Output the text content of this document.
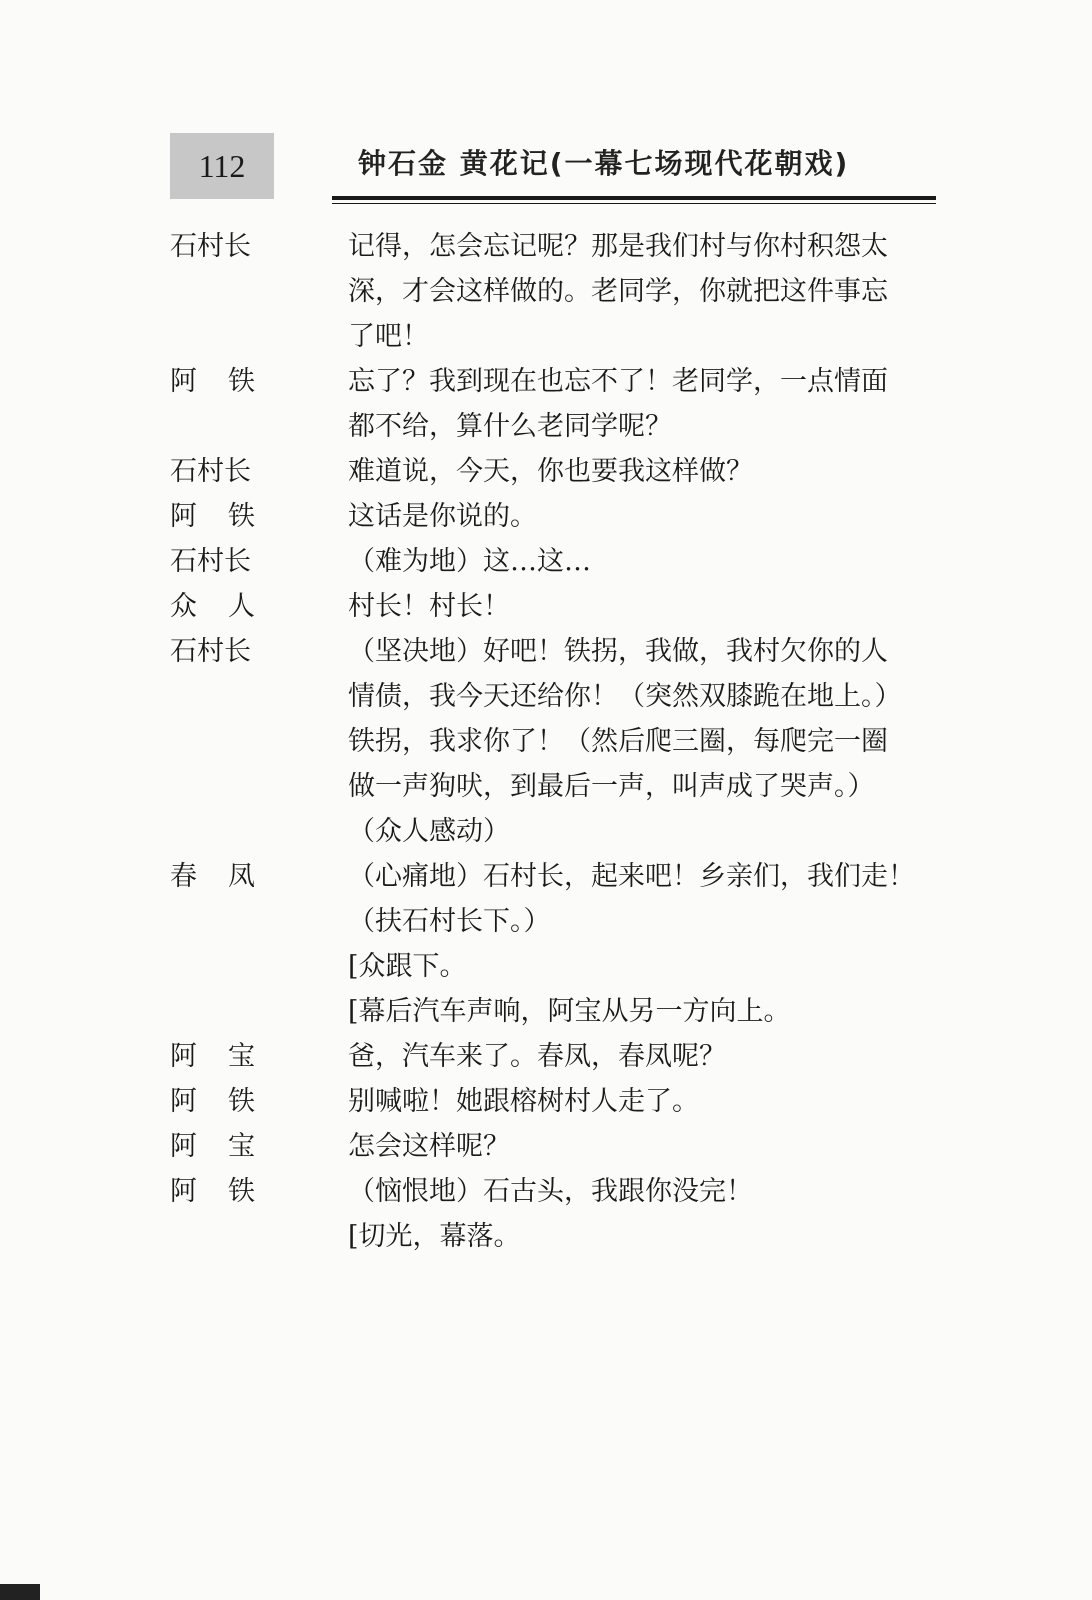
112	钟石金 黄花记(一幕七场现代花朝戏)
石村长	记得，怎会忘记呢？那是我们村与你村积怨太
深，才会这样做的。老同学，你就把这件事忘
了吧！
阿 铁	忘了？我到现在也忘不了！老同学，一点情面
都不给，算什么老同学呢？
石村长	难道说，今天，你也要我这样做？
阿 铁	这话是你说的。
石村长	（难为地）这…这…
众 人	村长！村长！
石村长	（坚决地）好吧！铁拐，我做，我村欠你的人
情债，我今天还给你！（突然双膝跪在地上。）
铁拐，我求你了！（然后爬三圈，每爬完一圈
做一声狗吠，到最后一声，叫声成了哭声。）
（众人感动）
春 凤	（心痛地）石村长，起来吧！乡亲们，我们走！
（扶石村长下。）
[众跟下。
[幕后汽车声响，阿宝从另一方向上。
阿 宝	爸，汽车来了。春凤，春凤呢？
阿 铁	别喊啦！她跟榕树村人走了。
阿 宝	怎会这样呢？
阿 铁	（恼恨地）石古头，我跟你没完！
[切光，幕落。
